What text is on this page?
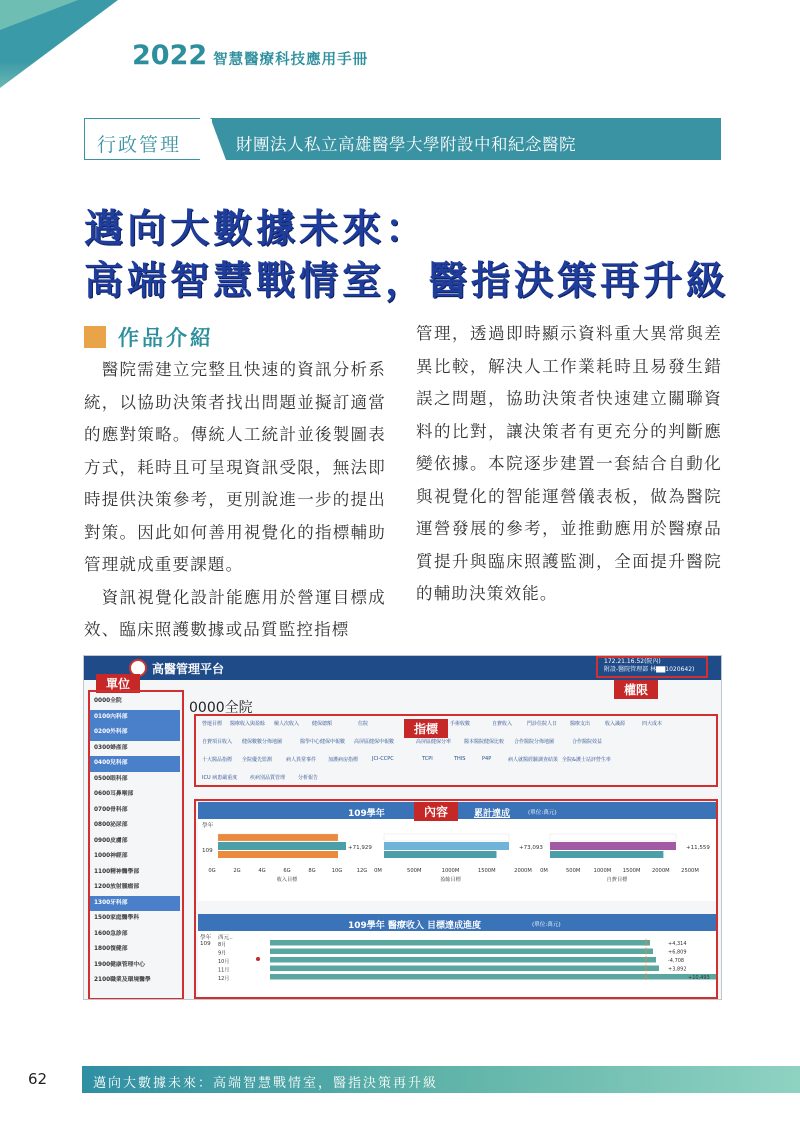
2022 智慧醫療科技應用手冊
行政管理	財團法人私立高雄醫學大學附設中和紀念醫院
邁向大數據未來：
高端智慧戰情室，醫指決策再升級
作品介紹

　醫院需建立完整且快速的資訊分析系統，以協助決策者找出問題並擬訂適當的應對策略。傳統人工統計並後製圖表方式，耗時且可呈現資訊受限，無法即時提供決策參考，更別說進一步的提出對策。因此如何善用視覺化的指標輔助管理就成重要課題。

　資訊視覺化設計能應用於營運目標成效、臨床照護數據或品質監控指標

管理，透過即時顯示資料重大異常與差異比較，解決人工作業耗時且易發生錯誤之問題，協助決策者快速建立關聯資料的比對，讓決策者有更充分的判斷應變依據。本院逐步建置一套結合自動化與視覺化的智能運營儀表板，做為醫院運營發展的參考，並推動應用於醫療品質提升與臨床照護監測，全面提升醫院的輔助決策效能。

高醫管理平台
172.21.16.52(院內)
附設-醫院管理部 林▇▇1020642)
權限
單位
0000全院
0100內科部
0200外科部
0300婦產部
0400兒科部
0500眼科部
0600耳鼻喉部
0700骨科部
0800泌尿部
0900皮膚部
1000神經部
1100精神醫學部
1200放射腫瘤部
1300牙科部
1500家庭醫學科
1600急診部
1800復健部
1900健康管理中心
2100職業及環境醫學
0000全院
營運目標 醫療收入與盈餘 檢人次收入	健保總額	住院	手術收數	自費收入	門診住院人日	醫療支出	收入識源	四大成本
自費項目收入 健保數數分佈地圖	醫學中心健保申報數 高屏區健保申報數	高屏區健保分率	醫本醫院健保比較 合作醫院分佈地圖	合作醫院效益
十大醫品指標 全院優先監測	病人異常事件 加護病房指標	JCI-CCPC	TCPI	THIS	P4P	病人就醫經驗調查結果 全院&護士站評營生率
ICU 病患嚴重度	疾病別品質管理	分析報告
指標
109學年	累計達成	(單位:萬元)
學年
109	+71,929
0G	2G	4G	6G	8G	10G	12G
收入目標
+73,093
0M	500M	1000M	1500M	2000M
盈餘目標
+11,559
0M	500M	1000M 1500M 2000M 2500M
自費目標
內容
109學年 醫療收入 目標達成進度	(單位:萬元)
學年 西元..
109 8月	+4,314
9月	+6,809
10月	-4,708
11月	+3,892
12月	+10,493
62	邁向大數據未來：高端智慧戰情室，醫指決策再升級
